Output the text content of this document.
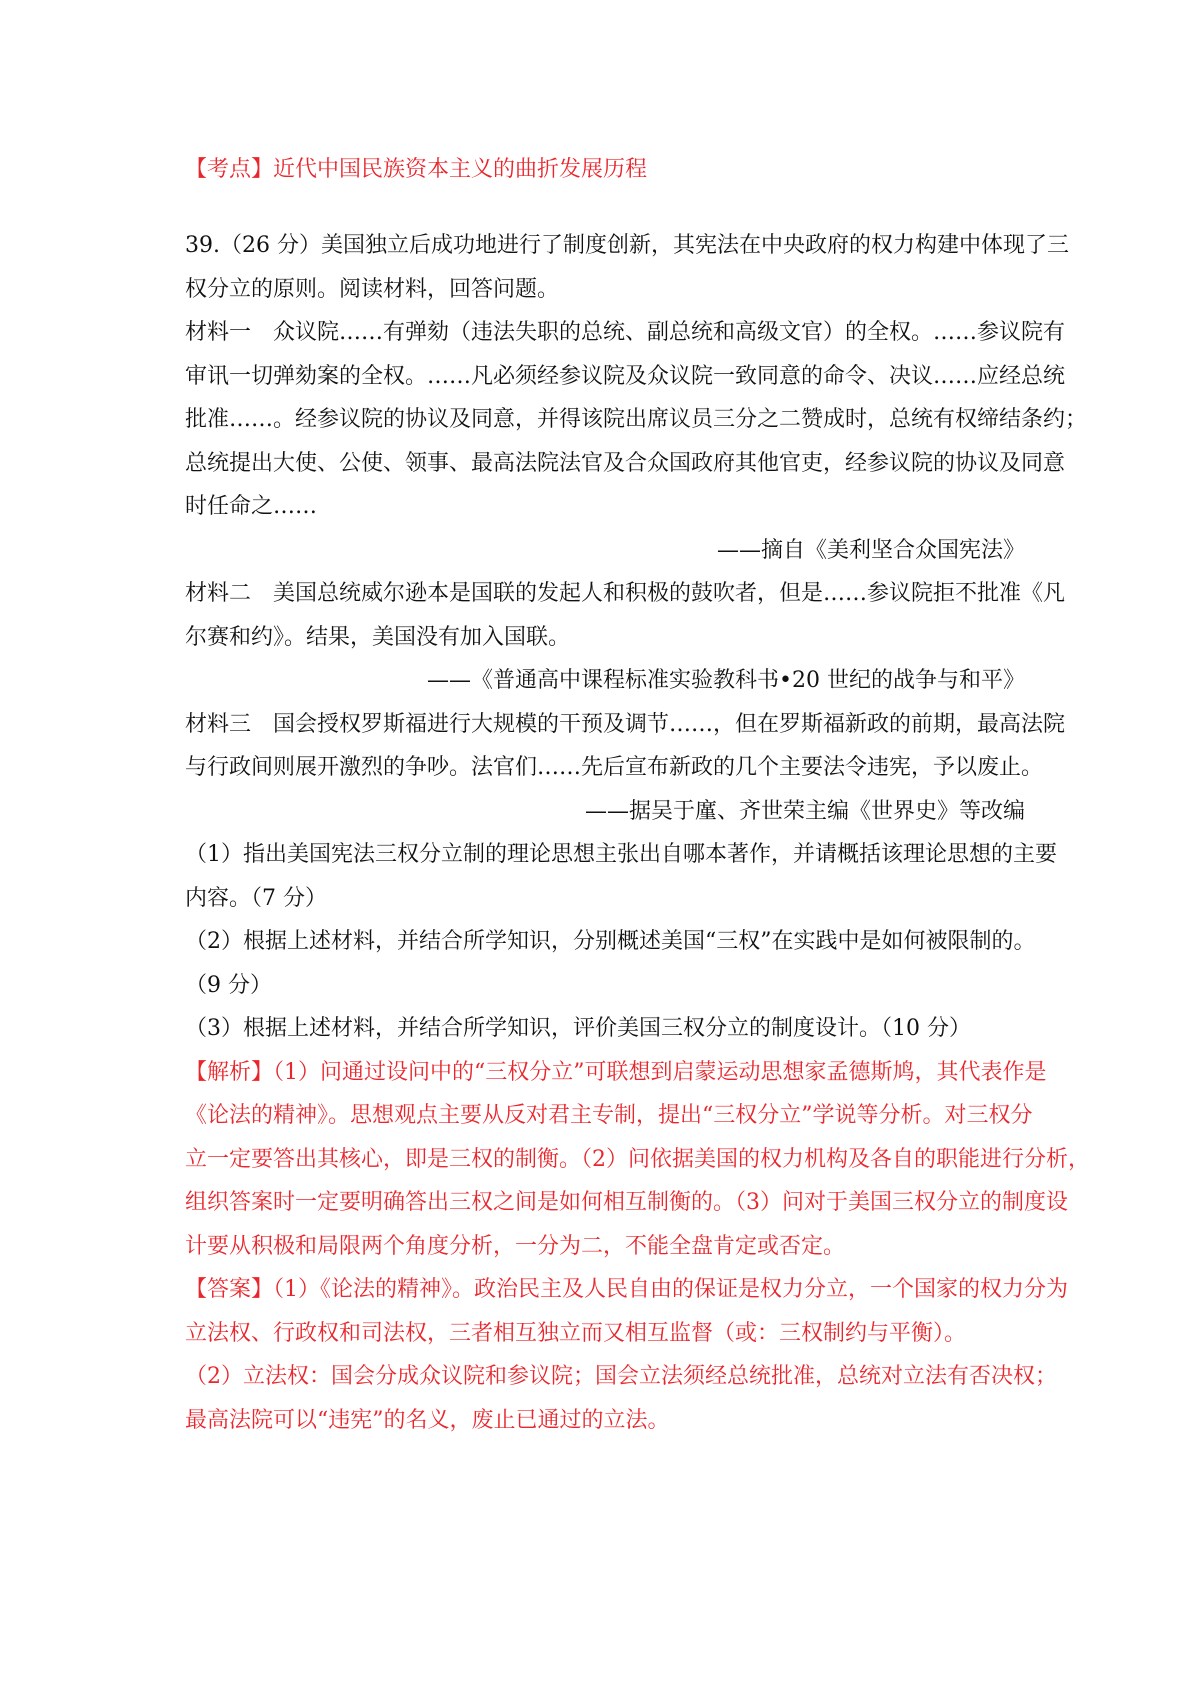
【考点】近代中国民族资本主义的曲折发展历程
39.（26 分）美国独立后成功地进行了制度创新，其宪法在中央政府的权力构建中体现了三
权分立的原则。阅读材料，回答问题。
材料一　众议院……有弹劾（违法失职的总统、副总统和高级文官）的全权。……参议院有
审讯一切弹劾案的全权。……凡必须经参议院及众议院一致同意的命令、决议……应经总统
批准……。经参议院的协议及同意，并得该院出席议员三分之二赞成时，总统有权缔结条约；
总统提出大使、公使、领事、最高法院法官及合众国政府其他官吏，经参议院的协议及同意
时任命之……
——摘自《美利坚合众国宪法》
材料二　美国总统威尔逊本是国联的发起人和积极的鼓吹者，但是……参议院拒不批准《凡
尔赛和约》。结果，美国没有加入国联。
——《普通高中课程标准实验教科书•20 世纪的战争与和平》
材料三　国会授权罗斯福进行大规模的干预及调节……，但在罗斯福新政的前期，最高法院
与行政间则展开激烈的争吵。法官们……先后宣布新政的几个主要法令违宪，予以废止。
——据吴于廑、齐世荣主编《世界史》等改编
（1）指出美国宪法三权分立制的理论思想主张出自哪本著作，并请概括该理论思想的主要
内容。（7 分）
（2）根据上述材料，并结合所学知识，分别概述美国“三权”在实践中是如何被限制的。
（9 分）
（3）根据上述材料，并结合所学知识，评价美国三权分立的制度设计。（10 分）
【解析】（1）问通过设问中的“三权分立”可联想到启蒙运动思想家孟德斯鸠，其代表作是
《论法的精神》。思想观点主要从反对君主专制，提出“三权分立”学说等分析。对三权分
立一定要答出其核心，即是三权的制衡。（2）问依据美国的权力机构及各自的职能进行分析，
组织答案时一定要明确答出三权之间是如何相互制衡的。（3）问对于美国三权分立的制度设
计要从积极和局限两个角度分析，一分为二，不能全盘肯定或否定。
【答案】（1）《论法的精神》。政治民主及人民自由的保证是权力分立，一个国家的权力分为
立法权、行政权和司法权，三者相互独立而又相互监督（或：三权制约与平衡）。
（2）立法权：国会分成众议院和参议院；国会立法须经总统批准，总统对立法有否决权；
最高法院可以“违宪”的名义，废止已通过的立法。
